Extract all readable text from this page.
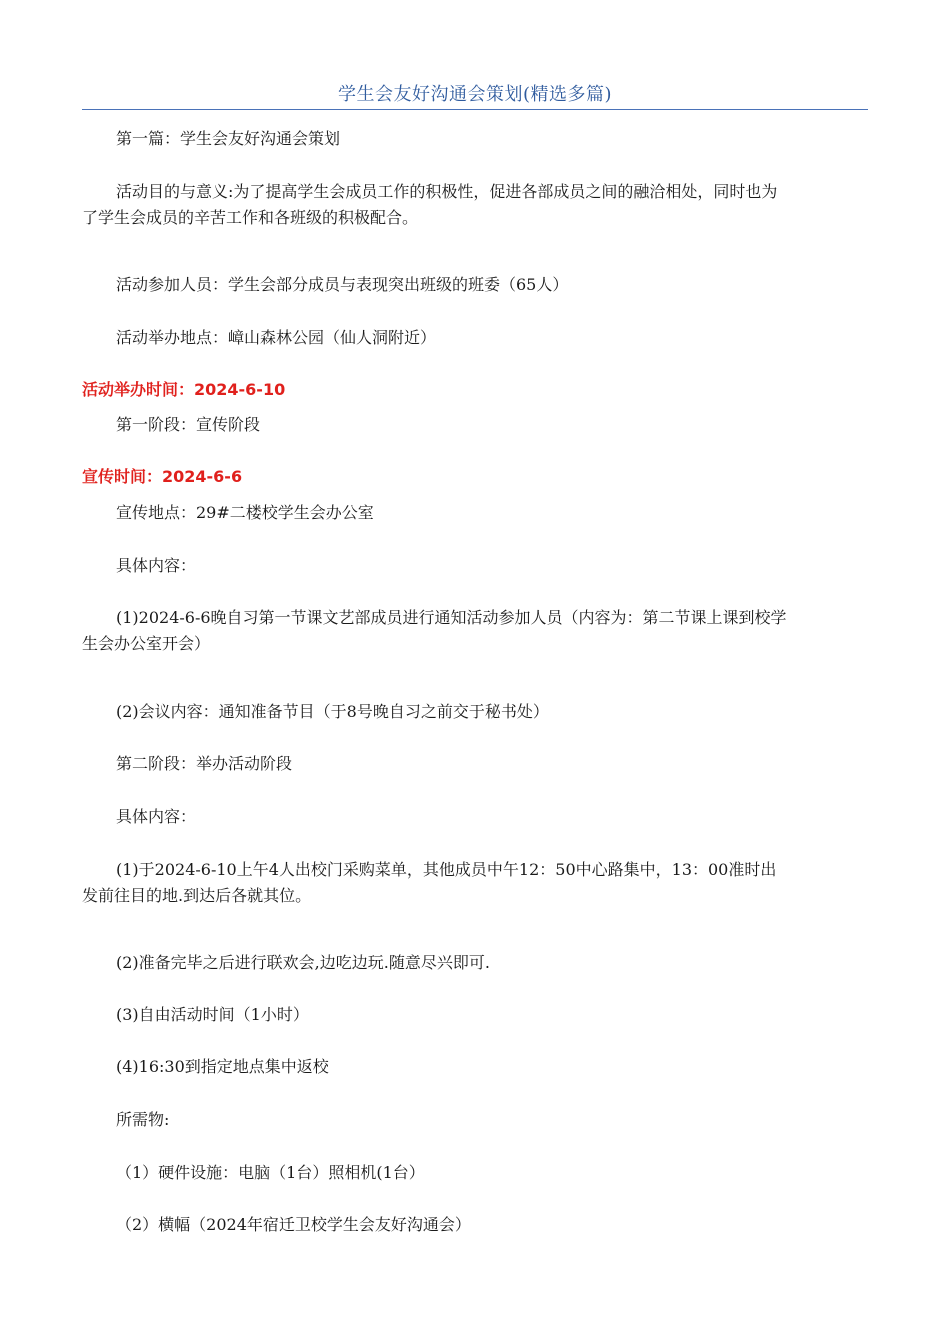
学生会友好沟通会策划(精选多篇)
第一篇：学生会友好沟通会策划
活动目的与意义:为了提高学生会成员工作的积极性，促进各部成员之间的融洽相处，同时也为
了学生会成员的辛苦工作和各班级的积极配合。
活动参加人员：学生会部分成员与表现突出班级的班委（65人）
活动举办地点：嶂山森林公园（仙人洞附近）
活动举办时间：2024-6-10
第一阶段：宣传阶段
宣传时间：2024-6-6
宣传地点：29#二楼校学生会办公室
具体内容：
(1)2024-6-6晚自习第一节课文艺部成员进行通知活动参加人员（内容为：第二节课上课到校学
生会办公室开会）
(2)会议内容：通知准备节目（于8号晚自习之前交于秘书处）
第二阶段：举办活动阶段
具体内容：
(1)于2024-6-10上午4人出校门采购菜单，其他成员中午12：50中心路集中，13：00准时出
发前往目的地.到达后各就其位。
(2)准备完毕之后进行联欢会,边吃边玩.随意尽兴即可.
(3)自由活动时间（1小时）
(4)16:30到指定地点集中返校
所需物:
（1）硬件设施：电脑（1台）照相机(1台）
（2）横幅（2024年宿迁卫校学生会友好沟通会）
